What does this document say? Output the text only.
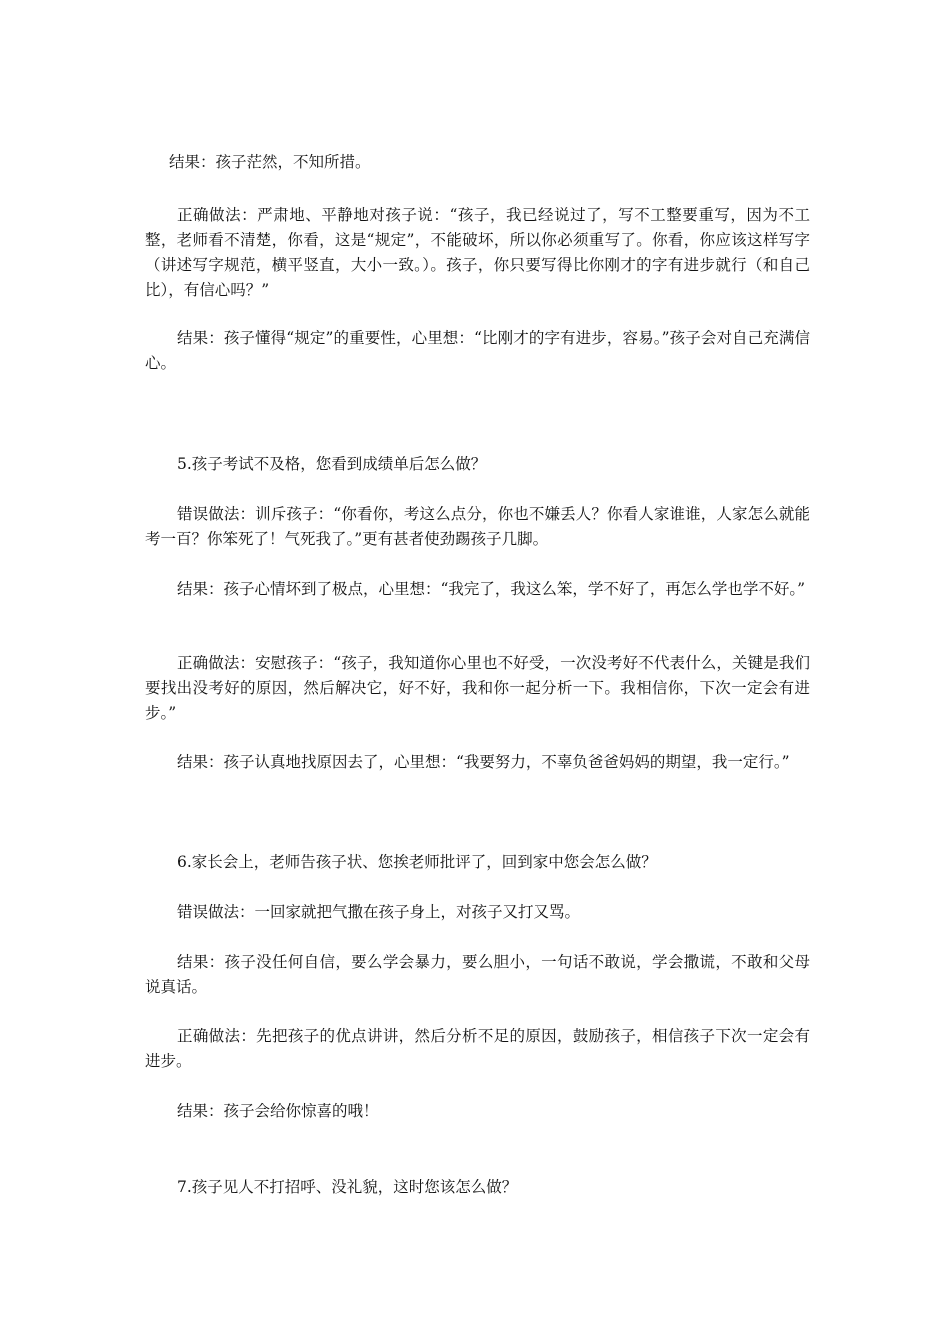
结果：孩子茫然，不知所措。

正确做法：严肃地、平静地对孩子说：“孩子，我已经说过了，写不工整要重写，因为不工整，老师看不清楚，你看，这是“规定”，不能破坏，所以你必须重写了。你看，你应该这样写字（讲述写字规范，横平竖直，大小一致。）。孩子，你只要写得比你刚才的字有进步就行（和自己比），有信心吗？”

结果：孩子懂得“规定”的重要性，心里想：“比刚才的字有进步，容易。”孩子会对自己充满信心。

5.孩子考试不及格，您看到成绩单后怎么做？

错误做法：训斥孩子：“你看你，考这么点分，你也不嫌丢人？你看人家谁谁，人家怎么就能考一百？你笨死了！气死我了。”更有甚者使劲踢孩子几脚。

结果：孩子心情坏到了极点，心里想：“我完了，我这么笨，学不好了，再怎么学也学不好。”

正确做法：安慰孩子：“孩子，我知道你心里也不好受，一次没考好不代表什么，关键是我们要找出没考好的原因，然后解决它，好不好，我和你一起分析一下。我相信你，下次一定会有进步。”

结果：孩子认真地找原因去了，心里想：“我要努力，不辜负爸爸妈妈的期望，我一定行。”

6.家长会上，老师告孩子状、您挨老师批评了，回到家中您会怎么做？

错误做法：一回家就把气撒在孩子身上，对孩子又打又骂。

结果：孩子没任何自信，要么学会暴力，要么胆小，一句话不敢说，学会撒谎，不敢和父母说真话。

正确做法：先把孩子的优点讲讲，然后分析不足的原因，鼓励孩子，相信孩子下次一定会有进步。

结果：孩子会给你惊喜的哦！

7.孩子见人不打招呼、没礼貌，这时您该怎么做？
